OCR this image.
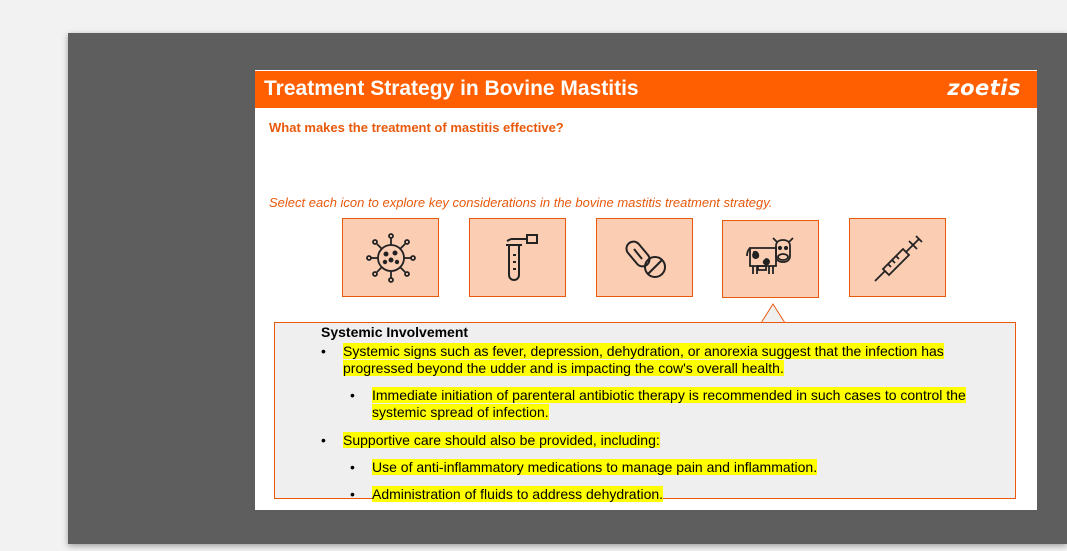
Treatment Strategy in Bovine Mastitis	zoetis
What makes the treatment of mastitis effective?
Select each icon to explore key considerations in the bovine mastitis treatment strategy.
Systemic Involvement
• Systemic signs such as fever, depression, dehydration, or anorexia suggest that the infection has
progressed beyond the udder and is impacting the cow's overall health.
• Immediate initiation of parenteral antibiotic therapy is recommended in such cases to control the
systemic spread of infection.
• Supportive care should also be provided, including:
• Use of anti-inflammatory medications to manage pain and inflammation.
• Administration of fluids to address dehydration.
